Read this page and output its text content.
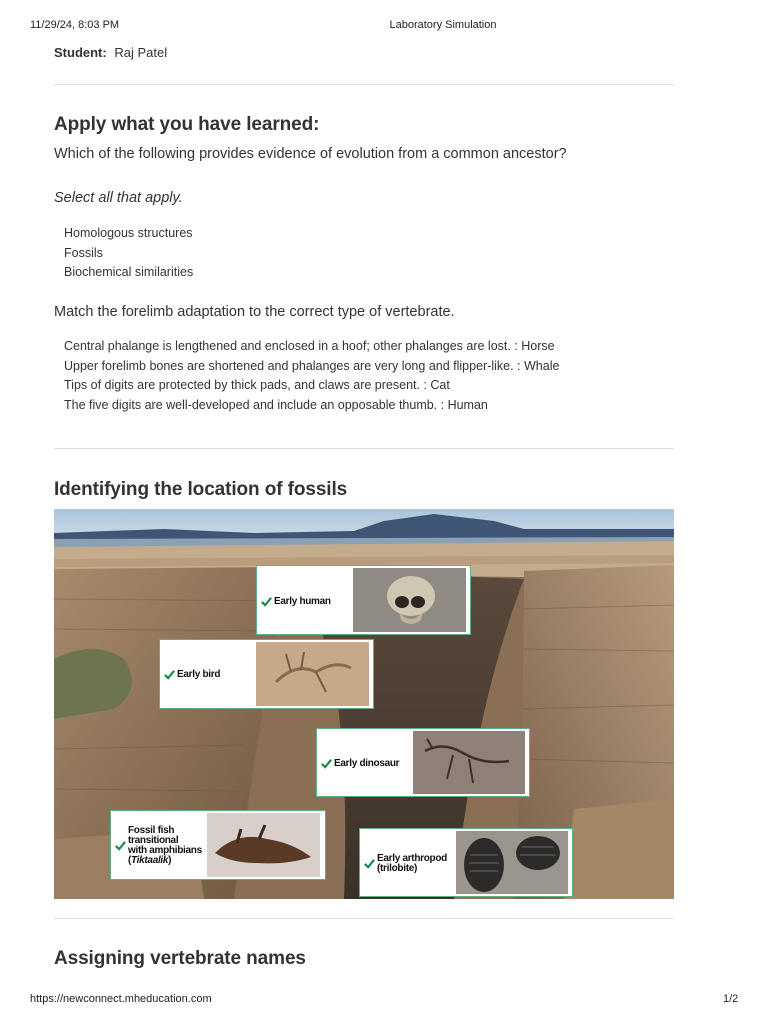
11/29/24, 8:03 PM	Laboratory Simulation
Student: Raj Patel
Apply what you have learned:
Which of the following provides evidence of evolution from a common ancestor?
Select all that apply.
Homologous structures
Fossils
Biochemical similarities
Match the forelimb adaptation to the correct type of vertebrate.
Central phalange is lengthened and enclosed in a hoof; other phalanges are lost. : Horse
Upper forelimb bones are shortened and phalanges are very long and flipper-like. : Whale
Tips of digits are protected by thick pads, and claws are present. : Cat
The five digits are well-developed and include an opposable thumb. : Human
Identifying the location of fossils
Early human
Early bird
Early dinosaur
Fossil fish
transitional
with amphibians
(Tiktaalik)	Early arthropod
(trilobite)
Assigning vertebrate names
https://newconnect.mheducation.com	1/2
